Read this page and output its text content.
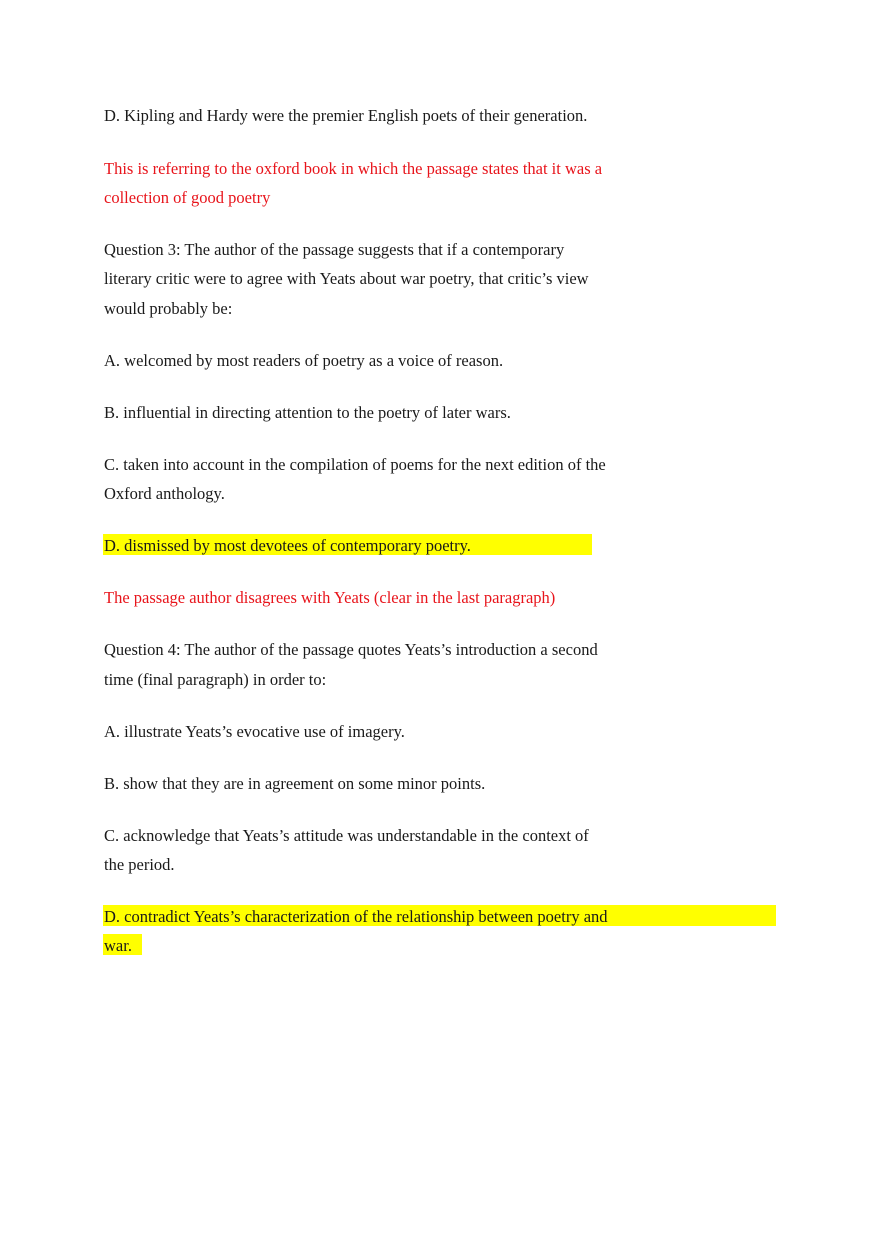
D. Kipling and Hardy were the premier English poets of their generation.
This is referring to the oxford book in which the passage states that it was a
collection of good poetry
Question 3: The author of the passage suggests that if a contemporary
literary critic were to agree with Yeats about war poetry, that critic’s view
would probably be:
A. welcomed by most readers of poetry as a voice of reason.
B. influential in directing attention to the poetry of later wars.
C. taken into account in the compilation of poems for the next edition of the
Oxford anthology.
D. dismissed by most devotees of contemporary poetry.
The passage author disagrees with Yeats (clear in the last paragraph)
Question 4: The author of the passage quotes Yeats’s introduction a second
time (final paragraph) in order to:
A. illustrate Yeats’s evocative use of imagery.
B. show that they are in agreement on some minor points.
C. acknowledge that Yeats’s attitude was understandable in the context of
the period.
D. contradict Yeats’s characterization of the relationship between poetry and
war.
